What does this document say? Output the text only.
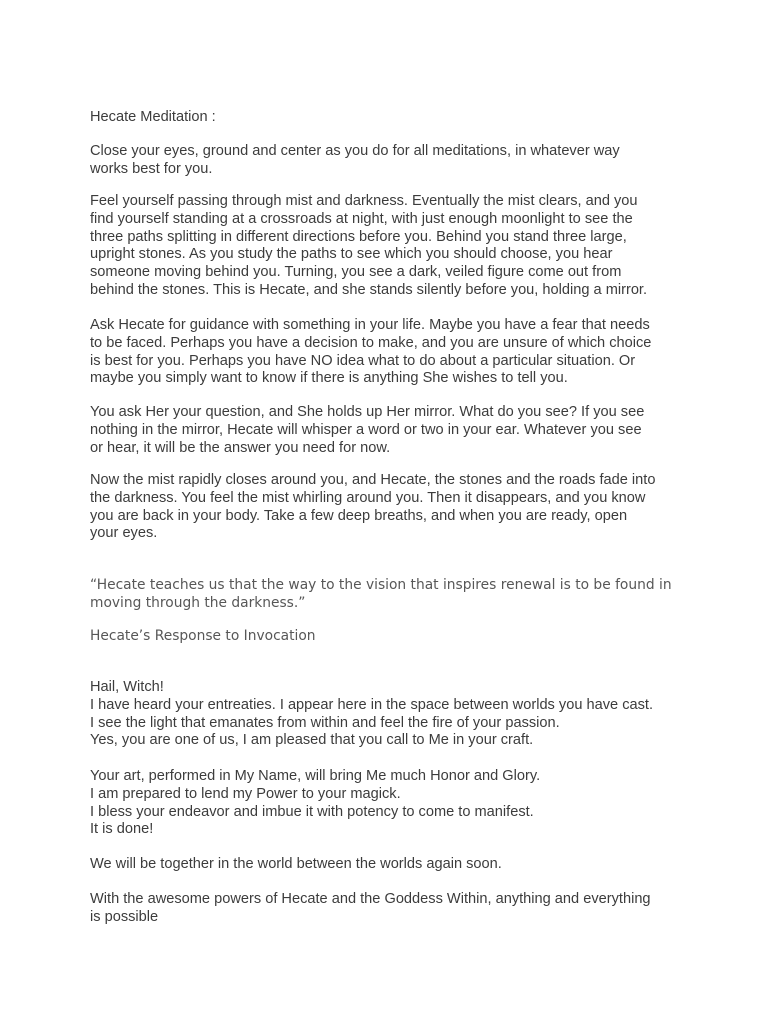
Hecate Meditation :

Close your eyes, ground and center as you do for all meditations, in whatever way
works best for you.

Feel yourself passing through mist and darkness. Eventually the mist clears, and you
find yourself standing at a crossroads at night, with just enough moonlight to see the
three paths splitting in different directions before you. Behind you stand three large,
upright stones. As you study the paths to see which you should choose, you hear
someone moving behind you. Turning, you see a dark, veiled figure come out from
behind the stones. This is Hecate, and she stands silently before you, holding a mirror.

Ask Hecate for guidance with something in your life. Maybe you have a fear that needs
to be faced. Perhaps you have a decision to make, and you are unsure of which choice
is best for you. Perhaps you have NO idea what to do about a particular situation. Or
maybe you simply want to know if there is anything She wishes to tell you.

You ask Her your question, and She holds up Her mirror. What do you see? If you see
nothing in the mirror, Hecate will whisper a word or two in your ear. Whatever you see
or hear, it will be the answer you need for now.

Now the mist rapidly closes around you, and Hecate, the stones and the roads fade into
the darkness. You feel the mist whirling around you. Then it disappears, and you know
you are back in your body. Take a few deep breaths, and when you are ready, open
your eyes.

“Hecate teaches us that the way to the vision that inspires renewal is to be found in
moving through the darkness.”

Hecate’s Response to Invocation

Hail, Witch!
I have heard your entreaties. I appear here in the space between worlds you have cast.
I see the light that emanates from within and feel the fire of your passion.
Yes, you are one of us, I am pleased that you call to Me in your craft.

Your art, performed in My Name, will bring Me much Honor and Glory.
I am prepared to lend my Power to your magick.
I bless your endeavor and imbue it with potency to come to manifest.
It is done!

We will be together in the world between the worlds again soon.

With the awesome powers of Hecate and the Goddess Within, anything and everything
is possible
